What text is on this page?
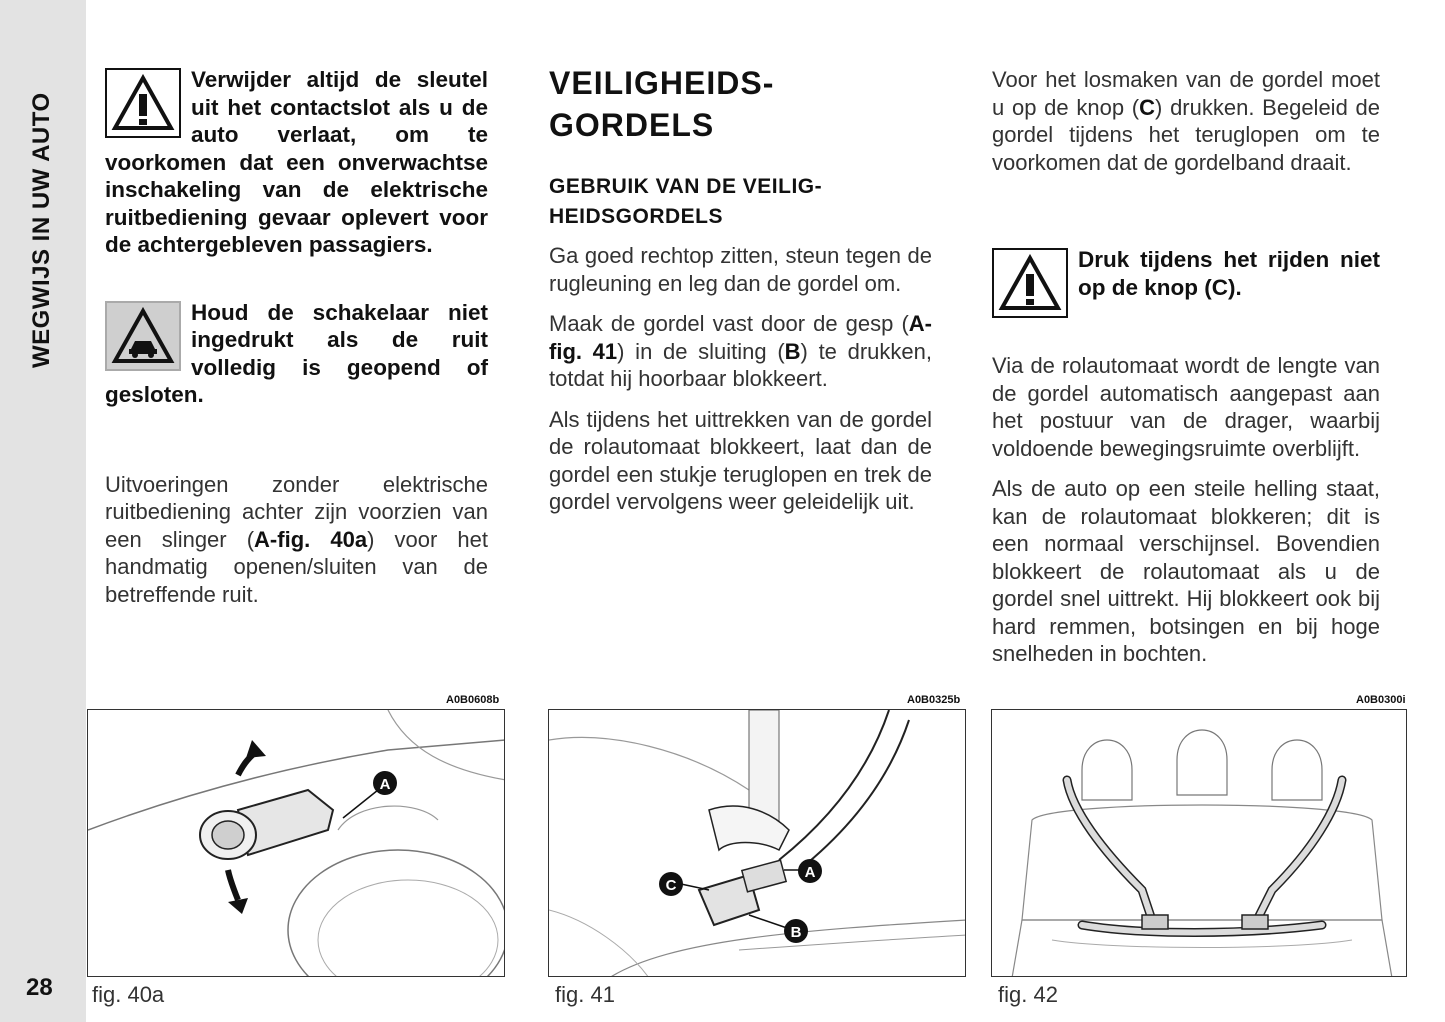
WEGWIJS IN UW AUTO
28
Verwijder altijd de sleutel uit het contactslot als u de auto verlaat, om te voorkomen dat een onverwachtse inschakeling van de elektrische ruitbediening gevaar oplevert voor de achtergebleven passagiers.
Houd de schakelaar niet ingedrukt als de ruit volledig is geopend of gesloten.

Uitvoeringen zonder elektrische ruitbediening achter zijn voorzien van een slinger (A-fig. 40a) voor het handmatig openen/sluiten van de betreffende ruit.

VEILIGHEIDS-
GORDELS
GEBRUIK VAN DE VEILIG-
HEIDSGORDELS

Ga goed rechtop zitten, steun tegen de rugleuning en leg dan de gordel om.

Maak de gordel vast door de gesp (A-fig. 41) in de sluiting (B) te drukken, totdat hij hoorbaar blokkeert.

Als tijdens het uittrekken van de gordel de rolautomaat blokkeert, laat dan de gordel een stukje teruglopen en trek de gordel vervolgens weer geleidelijk uit.

Voor het losmaken van de gordel moet u op de knop (C) drukken. Begeleid de gordel tijdens het teruglopen om te voorkomen dat de gordelband draait.

Druk tijdens het rijden niet op de knop (C).

Via de rolautomaat wordt de lengte van de gordel automatisch aangepast aan het postuur van de drager, waarbij voldoende bewegingsruimte overblijft.

Als de auto op een steile helling staat, kan de rolautomaat blokkeren; dit is een normaal verschijnsel. Bovendien blokkeert de rolautomaat als u de gordel snel uittrekt. Hij blokkeert ook bij hard remmen, botsingen en bij hoge snelheden in bochten.

A0B0608b
A
fig. 40a
A0B0325b
A
B
C
fig. 41
A0B0300i
fig. 42
